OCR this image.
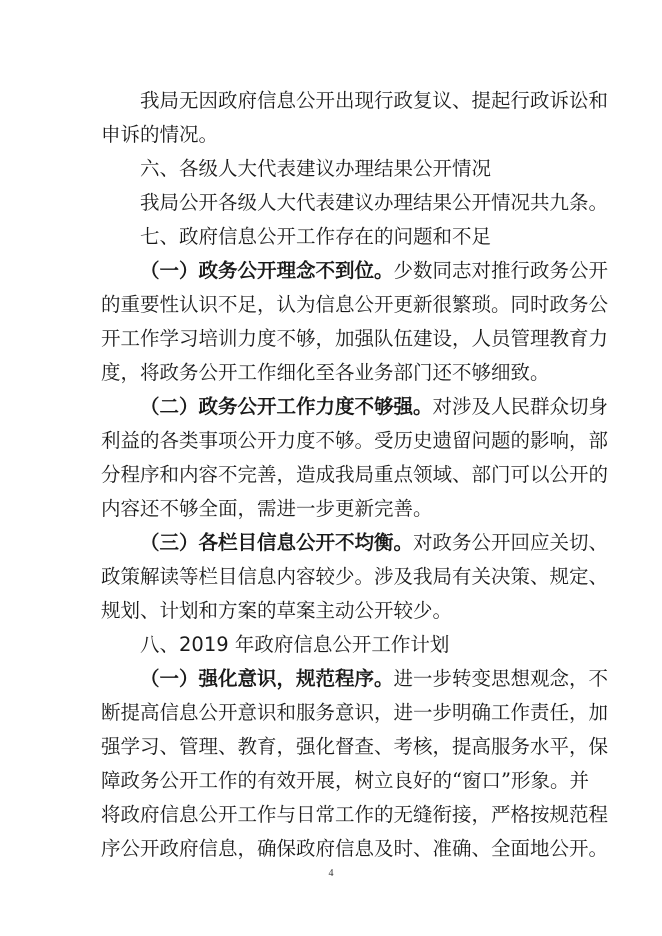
我局无因政府信息公开出现行政复议、提起行政诉讼和
申诉的情况。
六、各级人大代表建议办理结果公开情况
我局公开各级人大代表建议办理结果公开情况共九条。
七、政府信息公开工作存在的问题和不足
（一）政务公开理念不到位。少数同志对推行政务公开
的重要性认识不足，认为信息公开更新很繁琐。同时政务公
开工作学习培训力度不够，加强队伍建设，人员管理教育力
度，将政务公开工作细化至各业务部门还不够细致。
（二）政务公开工作力度不够强。对涉及人民群众切身
利益的各类事项公开力度不够。受历史遗留问题的影响，部
分程序和内容不完善，造成我局重点领域、部门可以公开的
内容还不够全面，需进一步更新完善。
（三）各栏目信息公开不均衡。对政务公开回应关切、
政策解读等栏目信息内容较少。涉及我局有关决策、规定、
规划、计划和方案的草案主动公开较少。
八、2019 年政府信息公开工作计划
（一）强化意识，规范程序。进一步转变思想观念，不
断提高信息公开意识和服务意识，进一步明确工作责任，加
强学习、管理、教育，强化督查、考核，提高服务水平，保
障政务公开工作的有效开展，树立良好的“窗口”形象。并
将政府信息公开工作与日常工作的无缝衔接，严格按规范程
序公开政府信息，确保政府信息及时、准确、全面地公开。
4
